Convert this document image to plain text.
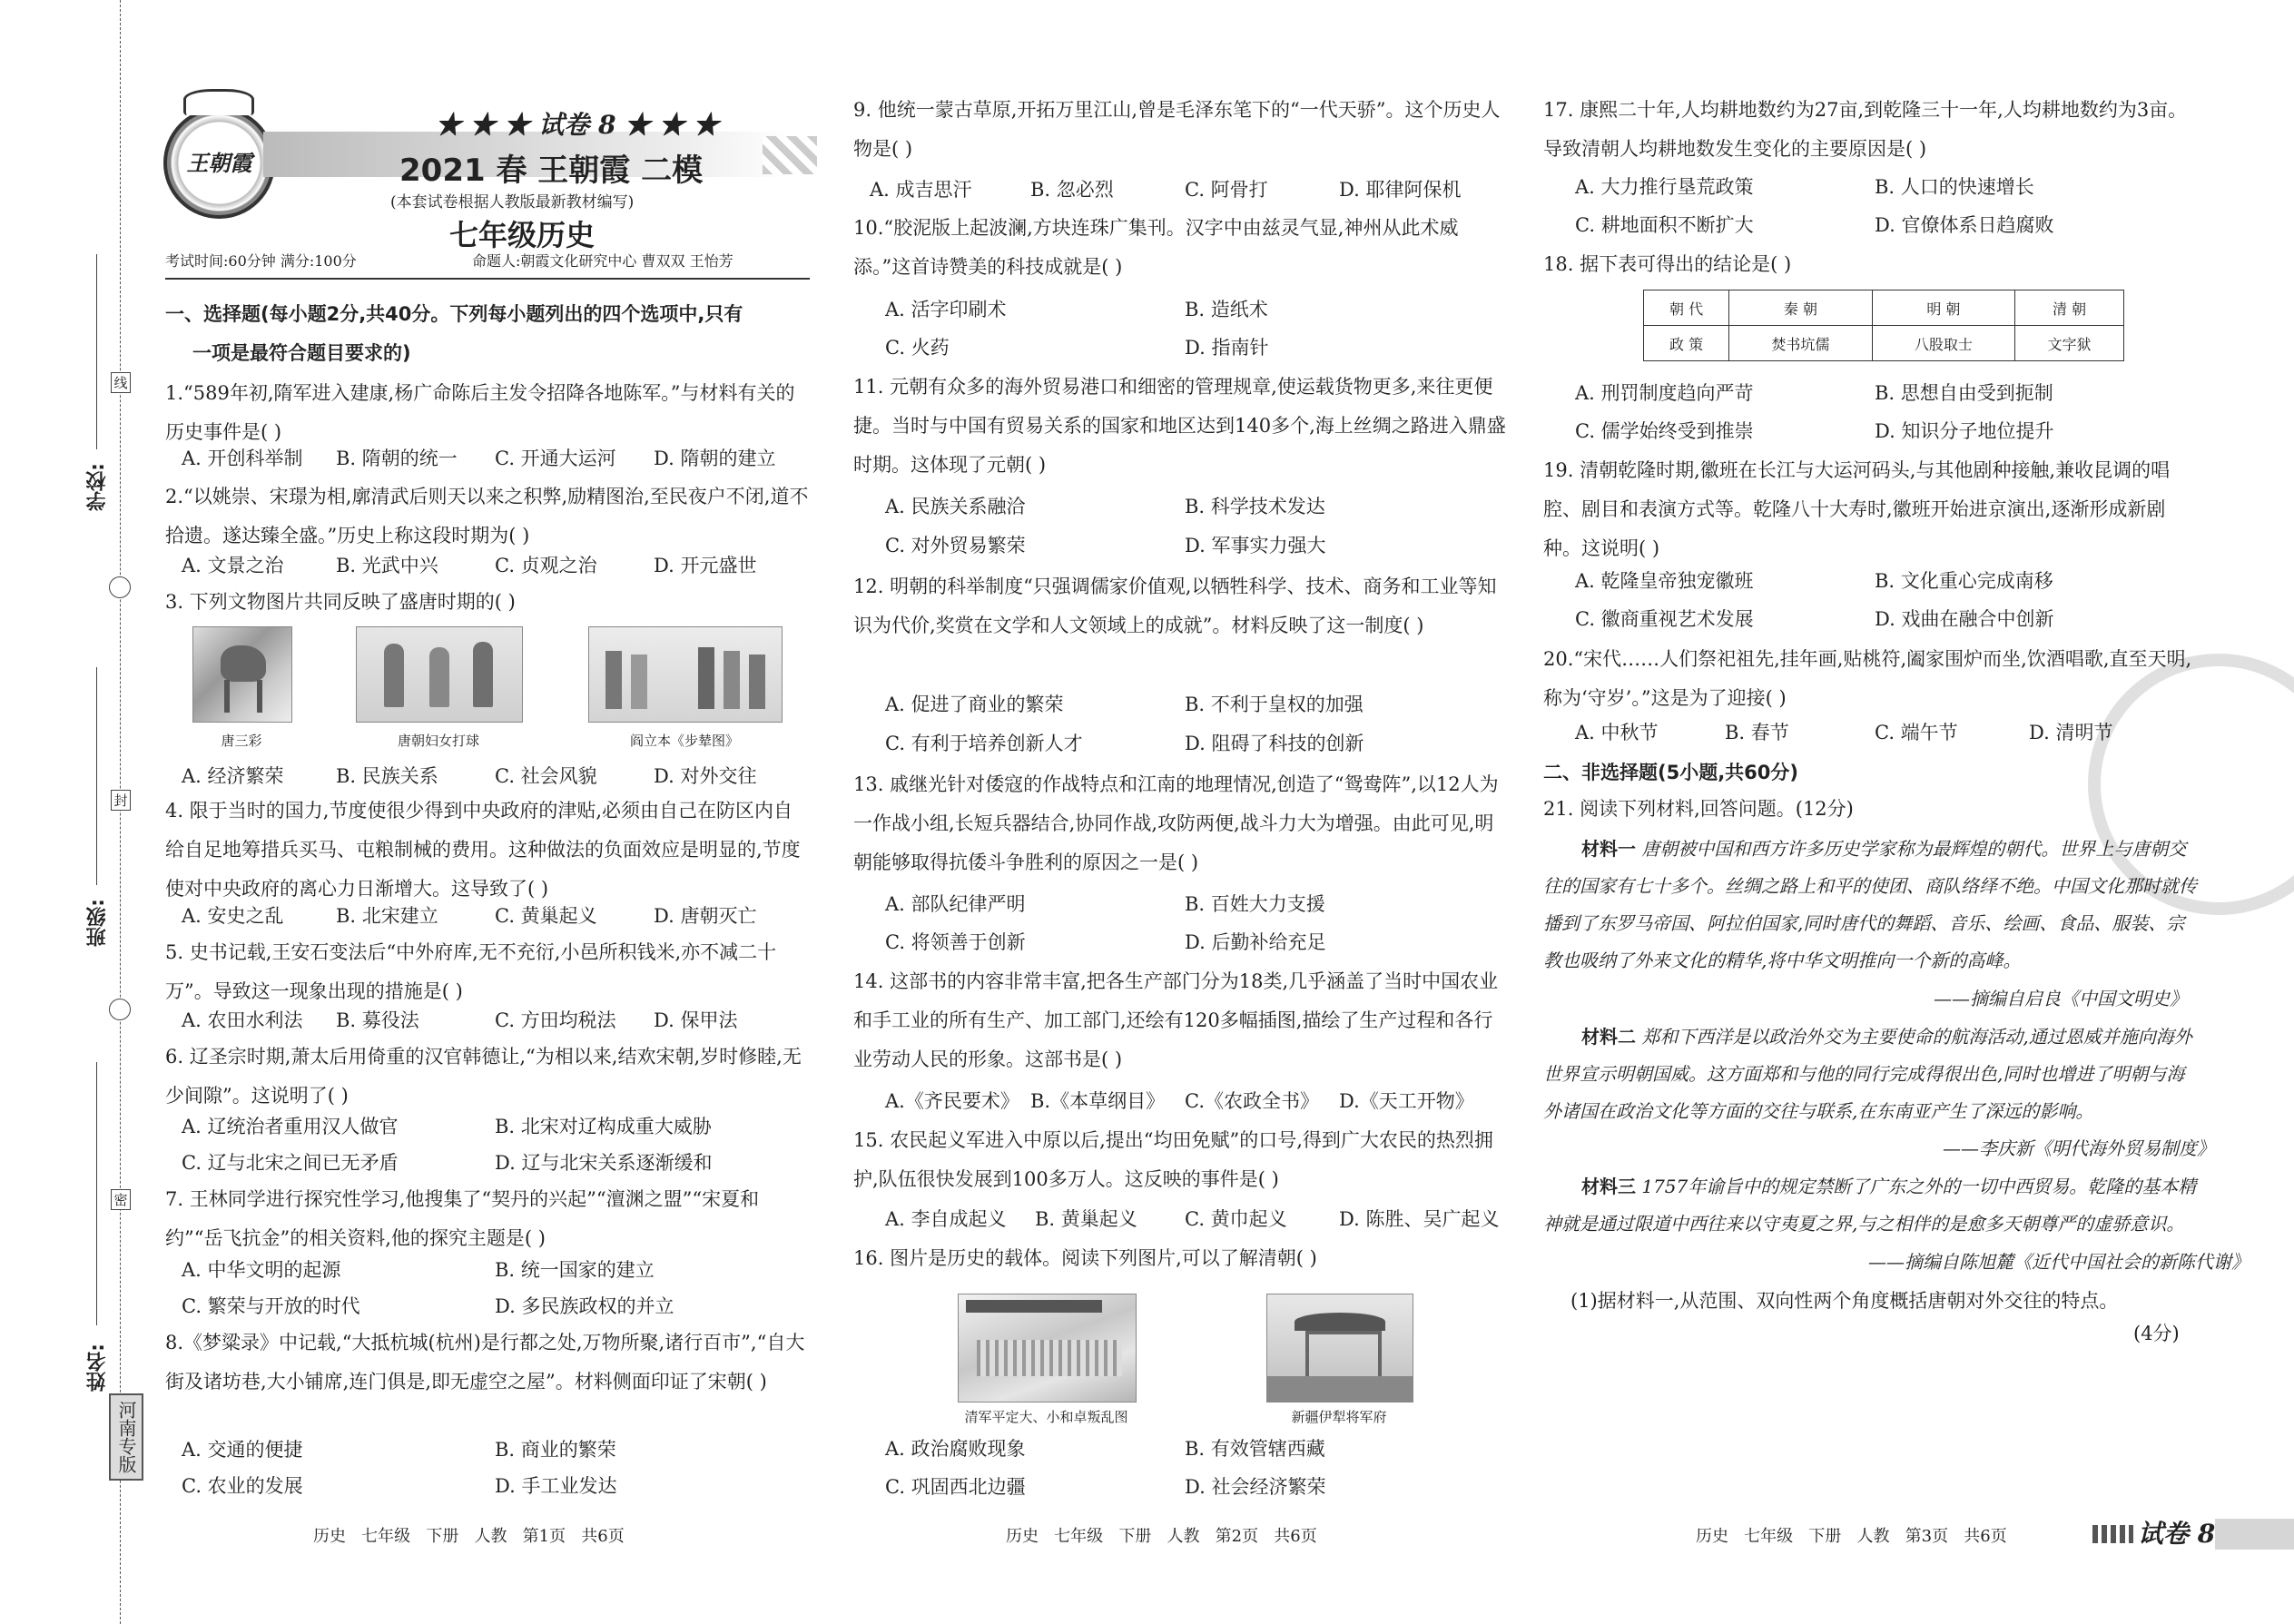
学校:
线
班级:
封
姓名:
密
河南专版
王朝霞
★ ★ ★ 试卷 8 ★ ★ ★
2021 春 王朝霞 二模
(本套试卷根据人教版最新教材编写)
七年级历史
考试时间:60分钟 满分:100分	命题人:朝霞文化研究中心 曹双双 王怡芳
一、选择题(每小题2分,共40分。下列每小题列出的四个选项中,只有
一项是最符合题目要求的)
1.“589年初,隋军进入建康,杨广命陈后主发令招降各地陈军。”与材料有关的历史事件是( )
A. 开创科举制 B. 隋朝的统一 C. 开通大运河 D. 隋朝的建立
2.“以姚崇、宋璟为相,廓清武后则天以来之积弊,励精图治,至民夜户不闭,道不拾遗。遂达臻全盛。”历史上称这段时期为( )
A. 文景之治	B. 光武中兴	C. 贞观之治	D. 开元盛世
3. 下列文物图片共同反映了盛唐时期的( )
唐三彩	唐朝妇女打球	阎立本《步辇图》
A. 经济繁荣	B. 民族关系	C. 社会风貌	D. 对外交往
4. 限于当时的国力,节度使很少得到中央政府的津贴,必须由自己在防区内自给自足地筹措兵买马、屯粮制械的费用。这种做法的负面效应是明显的,节度使对中央政府的离心力日渐增大。这导致了( )
A. 安史之乱	B. 北宋建立	C. 黄巢起义	D. 唐朝灭亡
5. 史书记载,王安石变法后“中外府库,无不充衍,小邑所积钱米,亦不减二十万”。导致这一现象出现的措施是( )
A. 农田水利法 B. 募役法	C. 方田均税法 D. 保甲法
6. 辽圣宗时期,萧太后用倚重的汉官韩德让,“为相以来,结欢宋朝,岁时修睦,无少间隙”。这说明了( )
A. 辽统治者重用汉人做官	B. 北宋对辽构成重大威胁
C. 辽与北宋之间已无矛盾	D. 辽与北宋关系逐渐缓和
7. 王林同学进行探究性学习,他搜集了“契丹的兴起”“澶渊之盟”“宋夏和约”“岳飞抗金”的相关资料,他的探究主题是( )
A. 中华文明的起源	B. 统一国家的建立
C. 繁荣与开放的时代	D. 多民族政权的并立
8.《梦粱录》中记载,“大抵杭城(杭州)是行都之处,万物所聚,诸行百市”,“自大街及诸坊巷,大小铺席,连门俱是,即无虚空之屋”。材料侧面印证了宋朝( )
A. 交通的便捷	B. 商业的繁荣
C. 农业的发展	D. 手工业发达
历史   七年级   下册   人教   第1页   共6页
9. 他统一蒙古草原,开拓万里江山,曾是毛泽东笔下的“一代天骄”。这个历史人物是( )
A. 成吉思汗	B. 忽必烈	C. 阿骨打	D. 耶律阿保机
10.“胶泥版上起波澜,方块连珠广集刊。汉字中由兹灵气显,神州从此术威添。”这首诗赞美的科技成就是( )
A. 活字印刷术	B. 造纸术
C. 火药	D. 指南针
11. 元朝有众多的海外贸易港口和细密的管理规章,使运载货物更多,来往更便捷。当时与中国有贸易关系的国家和地区达到140多个,海上丝绸之路进入鼎盛时期。这体现了元朝( )
A. 民族关系融洽	B. 科学技术发达
C. 对外贸易繁荣	D. 军事实力强大
12. 明朝的科举制度“只强调儒家价值观,以牺牲科学、技术、商务和工业等知识为代价,奖赏在文学和人文领域上的成就”。材料反映了这一制度( )
A. 促进了商业的繁荣	B. 不利于皇权的加强
C. 有利于培养创新人才	D. 阻碍了科技的创新
13. 戚继光针对倭寇的作战特点和江南的地理情况,创造了“鸳鸯阵”,以12人为一作战小组,长短兵器结合,协同作战,攻防两便,战斗力大为增强。由此可见,明朝能够取得抗倭斗争胜利的原因之一是( )
A. 部队纪律严明	B. 百姓大力支援
C. 将领善于创新	D. 后勤补给充足
14. 这部书的内容非常丰富,把各生产部门分为18类,几乎涵盖了当时中国农业和手工业的所有生产、加工部门,还绘有120多幅插图,描绘了生产过程和各行业劳动人民的形象。这部书是( )
A.《齐民要术》 B.《本草纲目》 C.《农政全书》 D.《天工开物》
15. 农民起义军进入中原以后,提出“均田免赋”的口号,得到广大农民的热烈拥护,队伍很快发展到100多万人。这反映的事件是( )
A. 李自成起义 B. 黄巢起义 C. 黄巾起义	D. 陈胜、吴广起义
16. 图片是历史的载体。阅读下列图片,可以了解清朝( )
清军平定大、小和卓叛乱图	新疆伊犁将军府
A. 政治腐败现象	B. 有效管辖西藏
C. 巩固西北边疆	D. 社会经济繁荣
历史   七年级   下册   人教   第2页   共6页
17. 康熙二十年,人均耕地数约为27亩,到乾隆三十一年,人均耕地数约为3亩。导致清朝人均耕地数发生变化的主要原因是( )
A. 大力推行垦荒政策	B. 人口的快速增长
C. 耕地面积不断扩大	D. 官僚体系日趋腐败
18. 据下表可得出的结论是( )
朝 代	秦 朝	明 朝	清 朝
政 策	焚书坑儒	八股取士	文字狱
A. 刑罚制度趋向严苛	B. 思想自由受到扼制
C. 儒学始终受到推崇	D. 知识分子地位提升
19. 清朝乾隆时期,徽班在长江与大运河码头,与其他剧种接触,兼收昆调的唱腔、剧目和表演方式等。乾隆八十大寿时,徽班开始进京演出,逐渐形成新剧种。这说明( )
A. 乾隆皇帝独宠徽班	B. 文化重心完成南移
C. 徽商重视艺术发展	D. 戏曲在融合中创新
20.“宋代……人们祭祀祖先,挂年画,贴桃符,阖家围炉而坐,饮酒唱歌,直至天明,称为‘守岁’。”这是为了迎接( )
A. 中秋节	B. 春节	C. 端午节	D. 清明节
二、非选择题(5小题,共60分)
21. 阅读下列材料,回答问题。(12分)
材料一 唐朝被中国和西方许多历史学家称为最辉煌的朝代。世界上与唐朝交往的国家有七十多个。丝绸之路上和平的使团、商队络绎不绝。中国文化那时就传播到了东罗马帝国、阿拉伯国家,同时唐代的舞蹈、音乐、绘画、食品、服装、宗教也吸纳了外来文化的精华,将中华文明推向一个新的高峰。
——摘编自启良《中国文明史》
材料二 郑和下西洋是以政治外交为主要使命的航海活动,通过恩威并施向海外世界宣示明朝国威。这方面郑和与他的同行完成得很出色,同时也增进了明朝与海外诸国在政治文化等方面的交往与联系,在东南亚产生了深远的影响。
——李庆新《明代海外贸易制度》
材料三 1757年谕旨中的规定禁断了广东之外的一切中西贸易。乾隆的基本精神就是通过限道中西往来以守夷夏之界,与之相伴的是愈多天朝尊严的虚骄意识。
——摘编自陈旭麓《近代中国社会的新陈代谢》
(1)据材料一,从范围、双向性两个角度概括唐朝对外交往的特点。
(4分)
历史   七年级   下册   人教   第3页   共6页	试卷 8
